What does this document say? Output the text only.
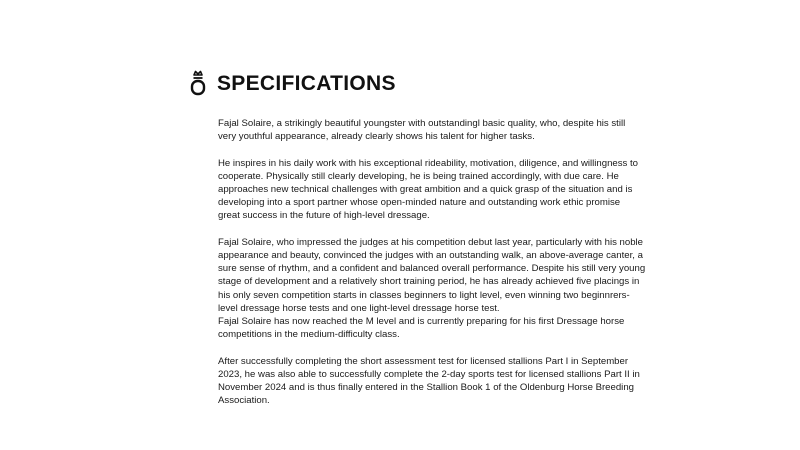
SPECIFICATIONS

Fajal Solaire, a strikingly beautiful youngster with outstandingl basic quality, who, despite his still
very youthful appearance, already clearly shows his talent for higher tasks.

He inspires in his daily work with his exceptional rideability, motivation, diligence, and willingness to
cooperate. Physically still clearly developing, he is being trained accordingly, with due care. He
approaches new technical challenges with great ambition and a quick grasp of the situation and is
developing into a sport partner whose open-minded nature and outstanding work ethic promise
great success in the future of high-level dressage.

Fajal Solaire, who impressed the judges at his competition debut last year, particularly with his noble
appearance and beauty, convinced the judges with an outstanding walk, an above-average canter, a
sure sense of rhythm, and a confident and balanced overall performance. Despite his still very young
stage of development and a relatively short training period, he has already achieved five placings in
his only seven competition starts in classes beginners to light level, even winning two beginnrers-
level dressage horse tests and one light-level dressage horse test.

Fajal Solaire has now reached the M level and is currently preparing for his first Dressage horse
competitions in the medium-difficulty class.

After successfully completing the short assessment test for licensed stallions Part I in September
2023, he was also able to successfully complete the 2-day sports test for licensed stallions Part II in
November 2024 and is thus finally entered in the Stallion Book 1 of the Oldenburg Horse Breeding
Association.
